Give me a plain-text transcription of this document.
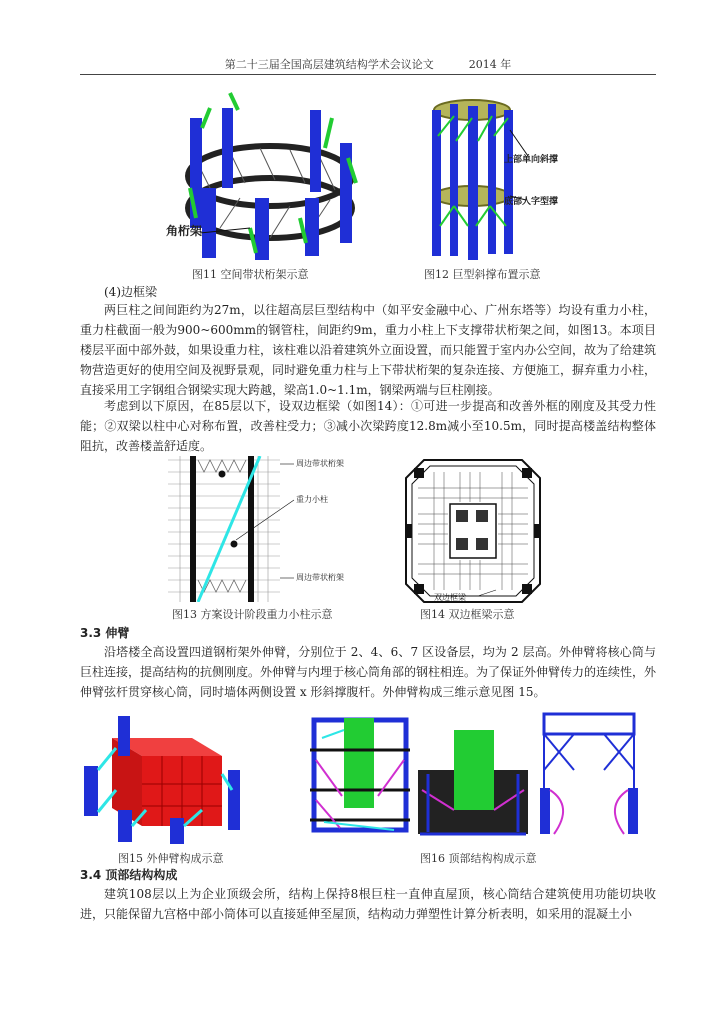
第二十三届全国高层建筑结构学术会议论文	2014 年
角桁架
图11 空间带状桁架示意
上部单向斜撑
底部人字型撑
图12 巨型斜撑布置示意
(4)边框梁
两巨柱之间间距约为27m，以往超高层巨型结构中（如平安金融中心、广州东塔等）均设有重力小柱，重力柱截面一般为900~600mm的钢管柱，间距约9m，重力小柱上下支撑带状桁架之间，如图13。本项目楼层平面中部外鼓，如果设重力柱，该柱难以沿着建筑外立面设置，而只能置于室内办公空间，故为了给建筑物营造更好的使用空间及视野景观，同时避免重力柱与上下带状桁架的复杂连接、方便施工，摒弃重力小柱，直接采用工字钢组合钢梁实现大跨越，梁高1.0~1.1m，钢梁两端与巨柱刚接。
考虑到以下原因，在85层以下，设双边框梁（如图14）：①可进一步提高和改善外框的刚度及其受力性能；②双梁以柱中心对称布置，改善柱受力；③减小次梁跨度12.8m减小至10.5m，同时提高楼盖结构整体阻抗，改善楼盖舒适度。
周边带状桁架
重力小柱
周边带状桁架
图13 方案设计阶段重力小柱示意
双边框梁
图14 双边框梁示意
3.3 伸臂
沿塔楼全高设置四道钢桁架外伸臂，分别位于 2、4、6、7 区设备层，均为 2 层高。外伸臂将核心筒与巨柱连接，提高结构的抗侧刚度。外伸臂与内埋于核心筒角部的钢柱相连。为了保证外伸臂传力的连续性，外伸臂弦杆贯穿核心筒，同时墙体两侧设置 x 形斜撑腹杆。外伸臂构成三维示意见图 15。
图15 外伸臂构成示意	图16 顶部结构构成示意
3.4 顶部结构构成
建筑108层以上为企业顶级会所，结构上保持8根巨柱一直伸直屋顶，核心筒结合建筑使用功能切块收进，只能保留九宫格中部小筒体可以直接延伸至屋顶，结构动力弹塑性计算分析表明，如采用的混凝土小
